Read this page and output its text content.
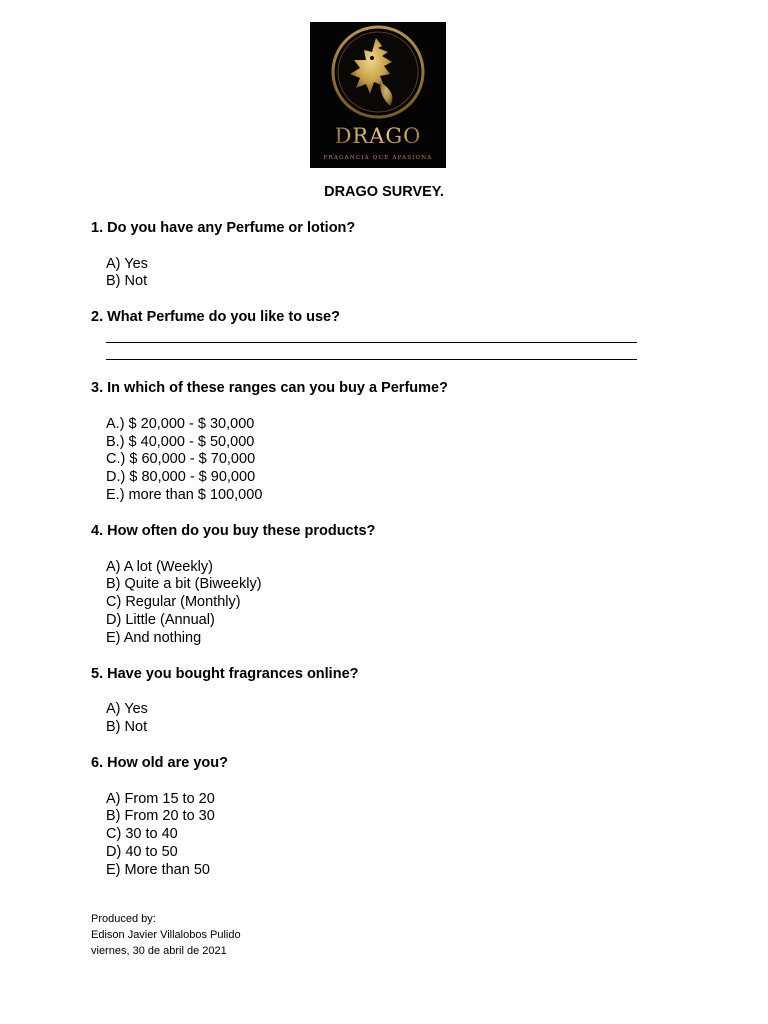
DRAGO
FRAGANCIA QUE APASIONA
DRAGO SURVEY.
1. Do you have any Perfume or lotion?
A) Yes
B) Not
2. What Perfume do you like to use?
3. In which of these ranges can you buy a Perfume?
A.) $ 20,000 - $ 30,000
B.) $ 40,000 - $ 50,000
C.) $ 60,000 - $ 70,000
D.) $ 80,000 - $ 90,000
E.) more than $ 100,000
4. How often do you buy these products?
A) A lot (Weekly)
B) Quite a bit (Biweekly)
C) Regular (Monthly)
D) Little (Annual)
E) And nothing
5. Have you bought fragrances online?
A) Yes
B) Not
6. How old are you?
A) From 15 to 20
B) From 20 to 30
C) 30 to 40
D) 40 to 50
E) More than 50
Produced by:
Edison Javier Villalobos Pulido
viernes, 30 de abril de 2021
